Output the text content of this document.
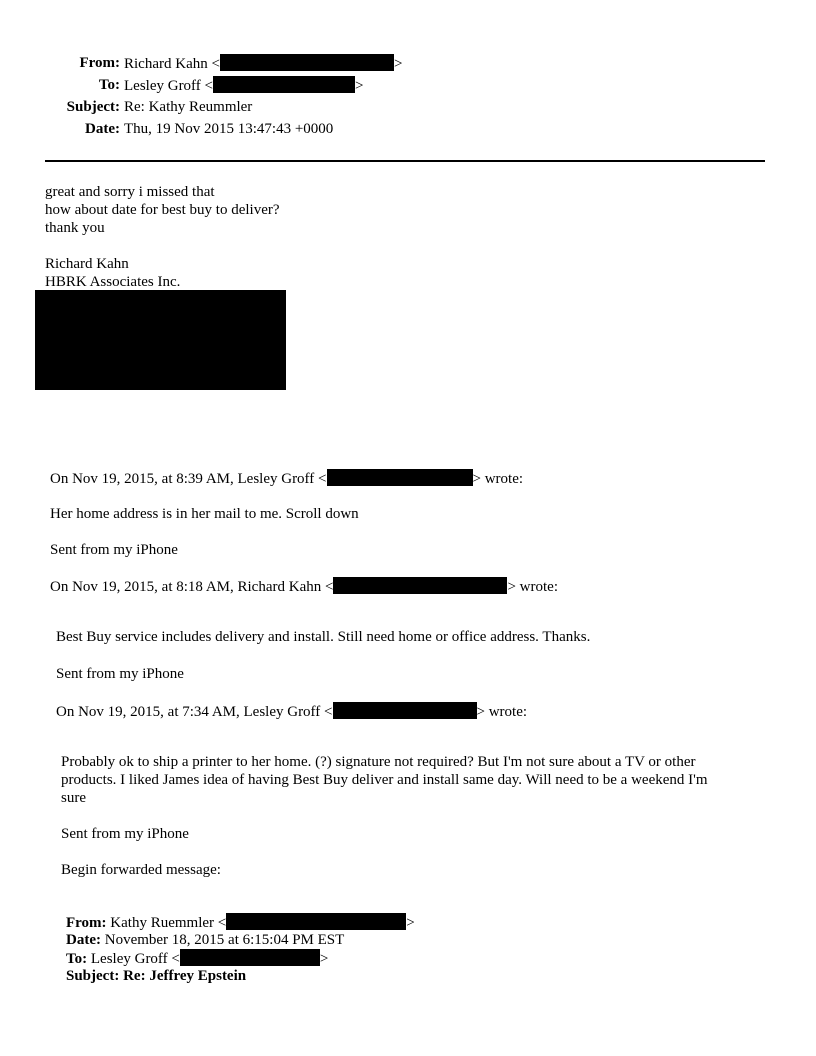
From: Richard Kahn <	>
To: Lesley Groff <	>
Subject: Re: Kathy Reummler
Date: Thu, 19 Nov 2015 13:47:43 +0000
great and sorry i missed that
how about date for best buy to deliver?
thank you
Richard Kahn
HBRK Associates Inc.
On Nov 19, 2015, at 8:39 AM, Lesley Groff <	> wrote:
Her home address is in her mail to me. Scroll down
Sent from my iPhone
On Nov 19, 2015, at 8:18 AM, Richard Kahn <	> wrote:
Best Buy service includes delivery and install. Still need home or office address. Thanks.
Sent from my iPhone
On Nov 19, 2015, at 7:34 AM, Lesley Groff <	> wrote:
Probably ok to ship a printer to her home. (?) signature not required? But I'm not sure about a TV or other
products. I liked James idea of having Best Buy deliver and install same day. Will need to be a weekend I'm
sure
Sent from my iPhone
Begin forwarded message:
From: Kathy Ruemmler <	>
Date: November 18, 2015 at 6:15:04 PM EST
To: Lesley Groff <	>
Subject: Re: Jeffrey Epstein
